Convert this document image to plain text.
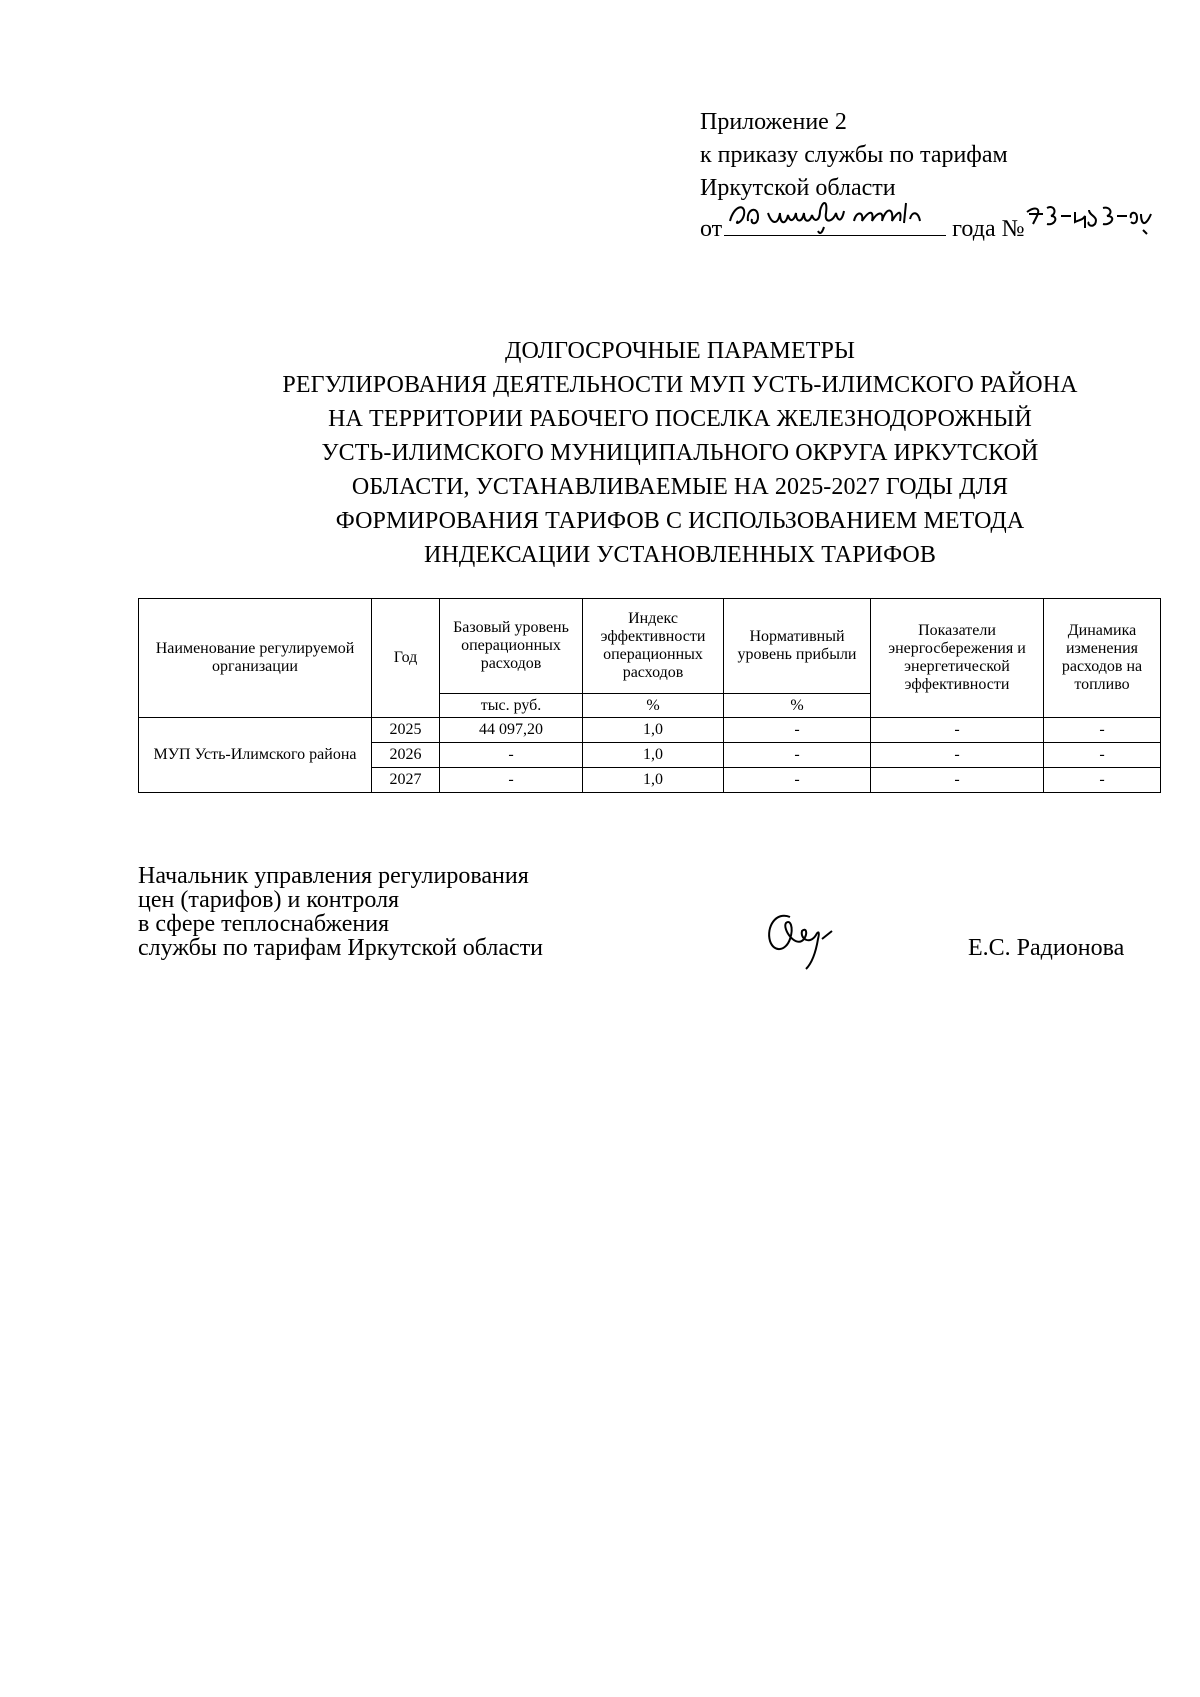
Приложение 2
к приказу службы по тарифам
Иркутской области
от	года №
ДОЛГОСРОЧНЫЕ ПАРАМЕТРЫ
РЕГУЛИРОВАНИЯ ДЕЯТЕЛЬНОСТИ МУП УСТЬ-ИЛИМСКОГО РАЙОНА
НА ТЕРРИТОРИИ РАБОЧЕГО ПОСЕЛКА ЖЕЛЕЗНОДОРОЖНЫЙ
УСТЬ-ИЛИМСКОГО МУНИЦИПАЛЬНОГО ОКРУГА ИРКУТСКОЙ
ОБЛАСТИ, УСТАНАВЛИВАЕМЫЕ НА 2025-2027 ГОДЫ ДЛЯ
ФОРМИРОВАНИЯ ТАРИФОВ С ИСПОЛЬЗОВАНИЕМ МЕТОДА
ИНДЕКСАЦИИ УСТАНОВЛЕННЫХ ТАРИФОВ
Наименование регулируемой организации	Год	Базовый уровень операционных расходов	Индекс эффективности операционных расходов	Нормативный уровень прибыли	Показатели энергосбережения и энергетической эффективности	Динамика изменения расходов на топливо
		тыс. руб.	%	%		
МУП Усть-Илимского района	2025	44 097,20	1,0	-	-	-
	2026	-	1,0	-	-	-
	2027	-	1,0	-	-	-
Начальник управления регулирования
цен (тарифов) и контроля
в сфере теплоснабжения
службы по тарифам Иркутской области	Е.С. Радионова
